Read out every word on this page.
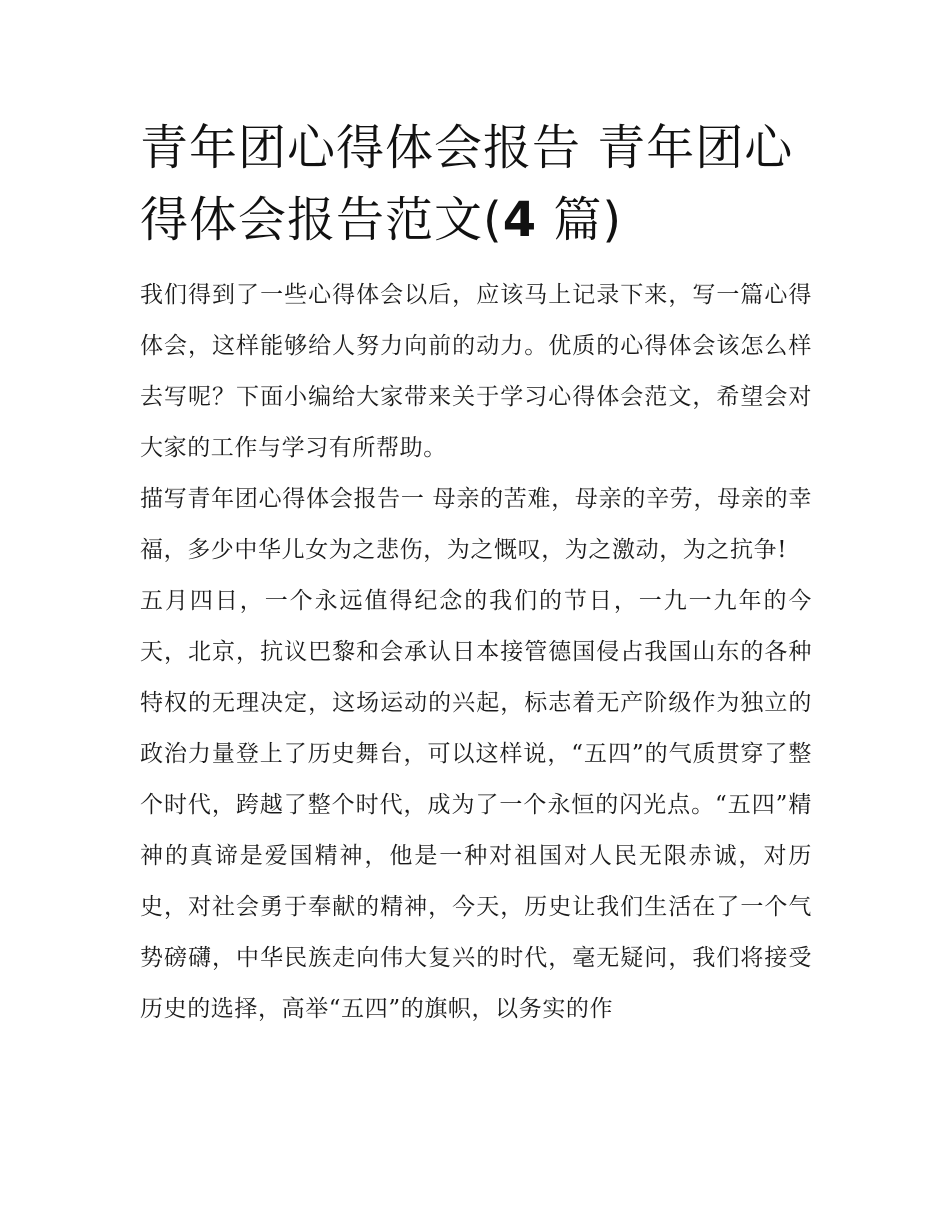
青年团心得体会报告 青年团心得体会报告范文(4 篇)

我们得到了一些心得体会以后，应该马上记录下来，写一篇心得体会，这样能够给人努力向前的动力。优质的心得体会该怎么样去写呢？下面小编给大家带来关于学习心得体会范文，希望会对大家的工作与学习有所帮助。

描写青年团心得体会报告一 母亲的苦难，母亲的辛劳，母亲的幸福，多少中华儿女为之悲伤，为之慨叹，为之激动，为之抗争!

五月四日，一个永远值得纪念的我们的节日，一九一九年的今天，北京，抗议巴黎和会承认日本接管德国侵占我国山东的各种特权的无理决定，这场运动的兴起，标志着无产阶级作为独立的政治力量登上了历史舞台，可以这样说，“五四”的气质贯穿了整个时代，跨越了整个时代，成为了一个永恒的闪光点。“五四”精神的真谛是爱国精神，他是一种对祖国对人民无限赤诚，对历史，对社会勇于奉献的精神，今天，历史让我们生活在了一个气势磅礴，中华民族走向伟大复兴的时代，毫无疑问，我们将接受历史的选择，高举“五四”的旗帜，以务实的作
